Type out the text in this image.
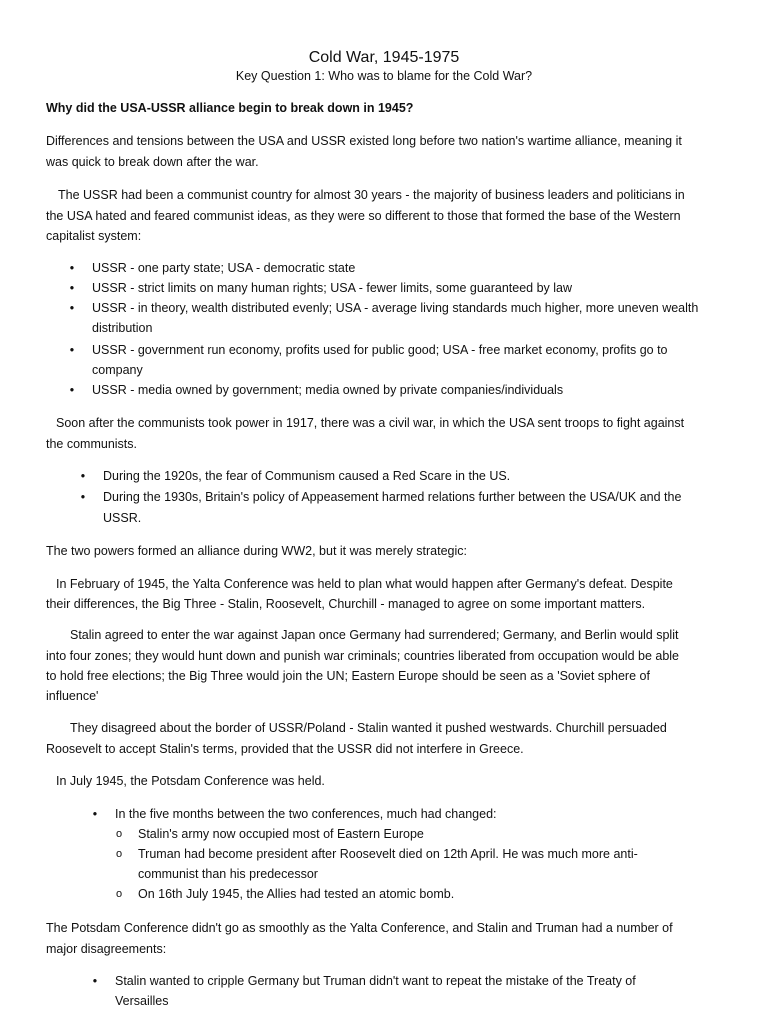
Cold War, 1945-1975
Key Question 1: Who was to blame for the Cold War?
Why did the USA-USSR alliance begin to break down in 1945?
Differences and tensions between the USA and USSR existed long before two nation's wartime alliance, meaning it
was quick to break down after the war.
The USSR had been a communist country for almost 30 years - the majority of business leaders and politicians in
the USA hated and feared communist ideas, as they were so different to those that formed the base of the Western
capitalist system:
• USSR - one party state; USA - democratic state
• USSR - strict limits on many human rights; USA - fewer limits, some guaranteed by law
• USSR - in theory, wealth distributed evenly; USA - average living standards much higher, more uneven wealth
distribution
• USSR - government run economy, profits used for public good; USA - free market economy, profits go to
company
• USSR - media owned by government; media owned by private companies/individuals
Soon after the communists took power in 1917, there was a civil war, in which the USA sent troops to fight against
the communists.
• During the 1920s, the fear of Communism caused a Red Scare in the US.
• During the 1930s, Britain's policy of Appeasement harmed relations further between the USA/UK and the
USSR.
The two powers formed an alliance during WW2, but it was merely strategic:
In February of 1945, the Yalta Conference was held to plan what would happen after Germany's defeat. Despite
their differences, the Big Three - Stalin, Roosevelt, Churchill - managed to agree on some important matters.
Stalin agreed to enter the war against Japan once Germany had surrendered; Germany, and Berlin would split
into four zones; they would hunt down and punish war criminals; countries liberated from occupation would be able
to hold free elections; the Big Three would join the UN; Eastern Europe should be seen as a 'Soviet sphere of
influence'
They disagreed about the border of USSR/Poland - Stalin wanted it pushed westwards. Churchill persuaded
Roosevelt to accept Stalin's terms, provided that the USSR did not interfere in Greece.
In July 1945, the Potsdam Conference was held.
• In the five months between the two conferences, much had changed:
o Stalin's army now occupied most of Eastern Europe
o Truman had become president after Roosevelt died on 12th April. He was much more anti-
communist than his predecessor
o On 16th July 1945, the Allies had tested an atomic bomb.
The Potsdam Conference didn't go as smoothly as the Yalta Conference, and Stalin and Truman had a number of
major disagreements:
• Stalin wanted to cripple Germany but Truman didn't want to repeat the mistake of the Treaty of
Versailles
